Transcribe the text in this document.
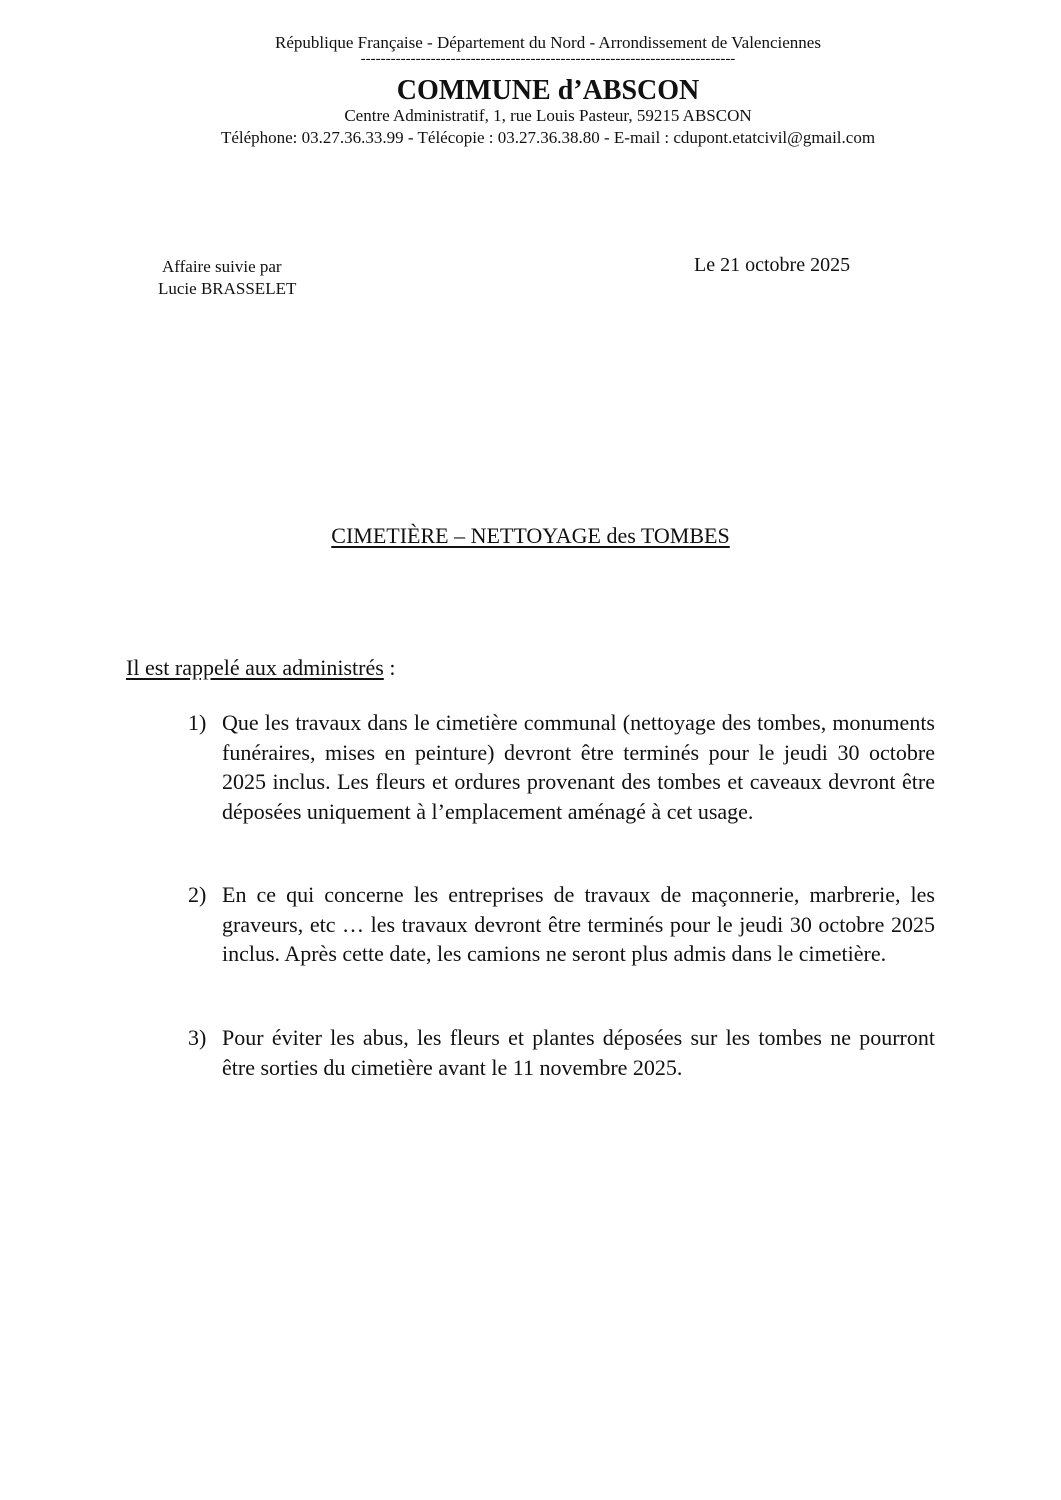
République Française - Département du Nord - Arrondissement de Valenciennes
---------------------------------------------------------------------------
COMMUNE d’ABSCON
Centre Administratif, 1, rue Louis Pasteur, 59215 ABSCON
Téléphone: 03.27.36.33.99 - Télécopie : 03.27.36.38.80 - E-mail : cdupont.etatcivil@gmail.com
Affaire suivie par
Lucie BRASSELET
Le 21 octobre 2025
CIMETIÈRE – NETTOYAGE des TOMBES
Il est rappelé aux administrés :
1) Que les travaux dans le cimetière communal (nettoyage des tombes, monuments funéraires, mises en peinture) devront être terminés pour le jeudi 30 octobre 2025 inclus. Les fleurs et ordures provenant des tombes et caveaux devront être déposées uniquement à l’emplacement aménagé à cet usage.
2) En ce qui concerne les entreprises de travaux de maçonnerie, marbrerie, les graveurs, etc … les travaux devront être terminés pour le jeudi 30 octobre 2025 inclus. Après cette date, les camions ne seront plus admis dans le cimetière.
3) Pour éviter les abus, les fleurs et plantes déposées sur les tombes ne pourront être sorties du cimetière avant le 11 novembre 2025.
